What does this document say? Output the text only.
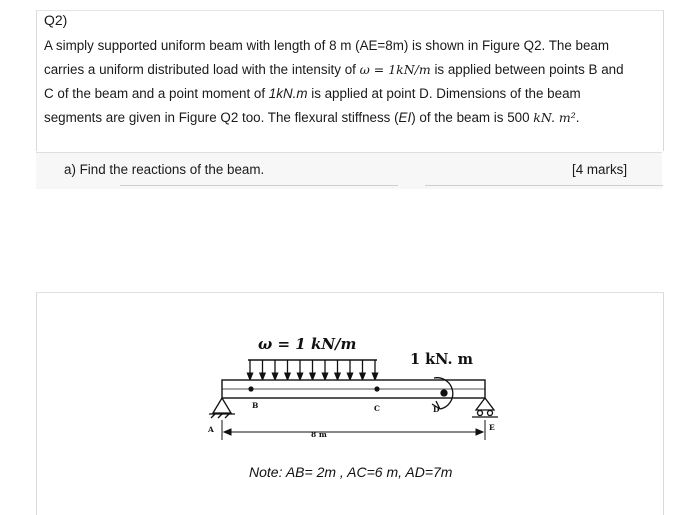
Q2)
A simply supported uniform beam with length of 8 m (AE=8m) is shown in Figure Q2. The beam
carries a uniform distributed load with the intensity of ω = 1kN/m is applied between points B and
C of the beam and a point moment of 1kN.m is applied at point D. Dimensions of the beam
segments are given in Figure Q2 too. The flexural stiffness (EI) of the beam is 500 kN. m².
a) Find the reactions of the beam.	[4 marks]
ω = 1 kN/m
1 kN. m
A
B	C	D
E
8 m
Note: AB= 2m , AC=6 m, AD=7m
